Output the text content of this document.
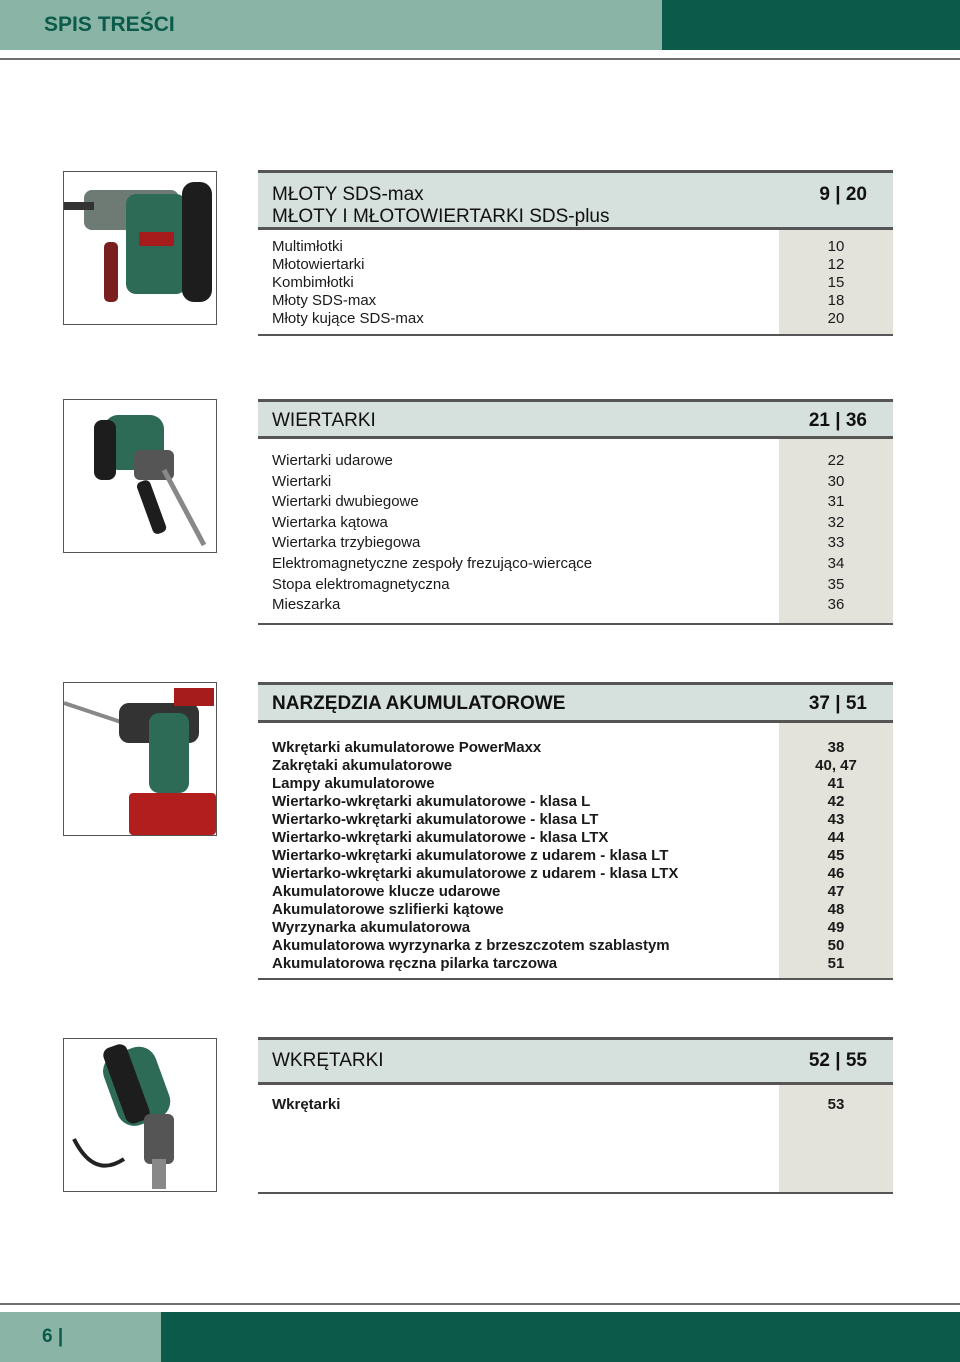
SPIS TREŚCI
MŁOTY SDS-max
MŁOTY I MŁOTOWIERTARKI SDS-plus
9 | 20
Multimłotki	10
Młotowiertarki	12
Kombimłotki	15
Młoty SDS-max	18
Młoty kujące SDS-max	20
WIERTARKI	21 | 36
Wiertarki udarowe	22
Wiertarki	30
Wiertarki dwubiegowe	31
Wiertarka kątowa	32
Wiertarka trzybiegowa	33
Elektromagnetyczne zespoły frezująco-wiercące	34
Stopa elektromagnetyczna	35
Mieszarka	36
NARZĘDZIA AKUMULATOROWE	37 | 51
Wkrętarki akumulatorowe PowerMaxx	38
Zakrętaki akumulatorowe	40, 47
Lampy akumulatorowe	41
Wiertarko-wkrętarki akumulatorowe - klasa L	42
Wiertarko-wkrętarki akumulatorowe - klasa LT	43
Wiertarko-wkrętarki akumulatorowe - klasa LTX	44
Wiertarko-wkrętarki akumulatorowe z udarem - klasa LT	45
Wiertarko-wkrętarki akumulatorowe z udarem - klasa LTX	46
Akumulatorowe klucze udarowe	47
Akumulatorowe szlifierki kątowe	48
Wyrzynarka akumulatorowa	49
Akumulatorowa wyrzynarka z brzeszczotem szablastym	50
Akumulatorowa ręczna pilarka tarczowa	51
WKRĘTARKI	52 | 55
Wkrętarki	53
6 |
